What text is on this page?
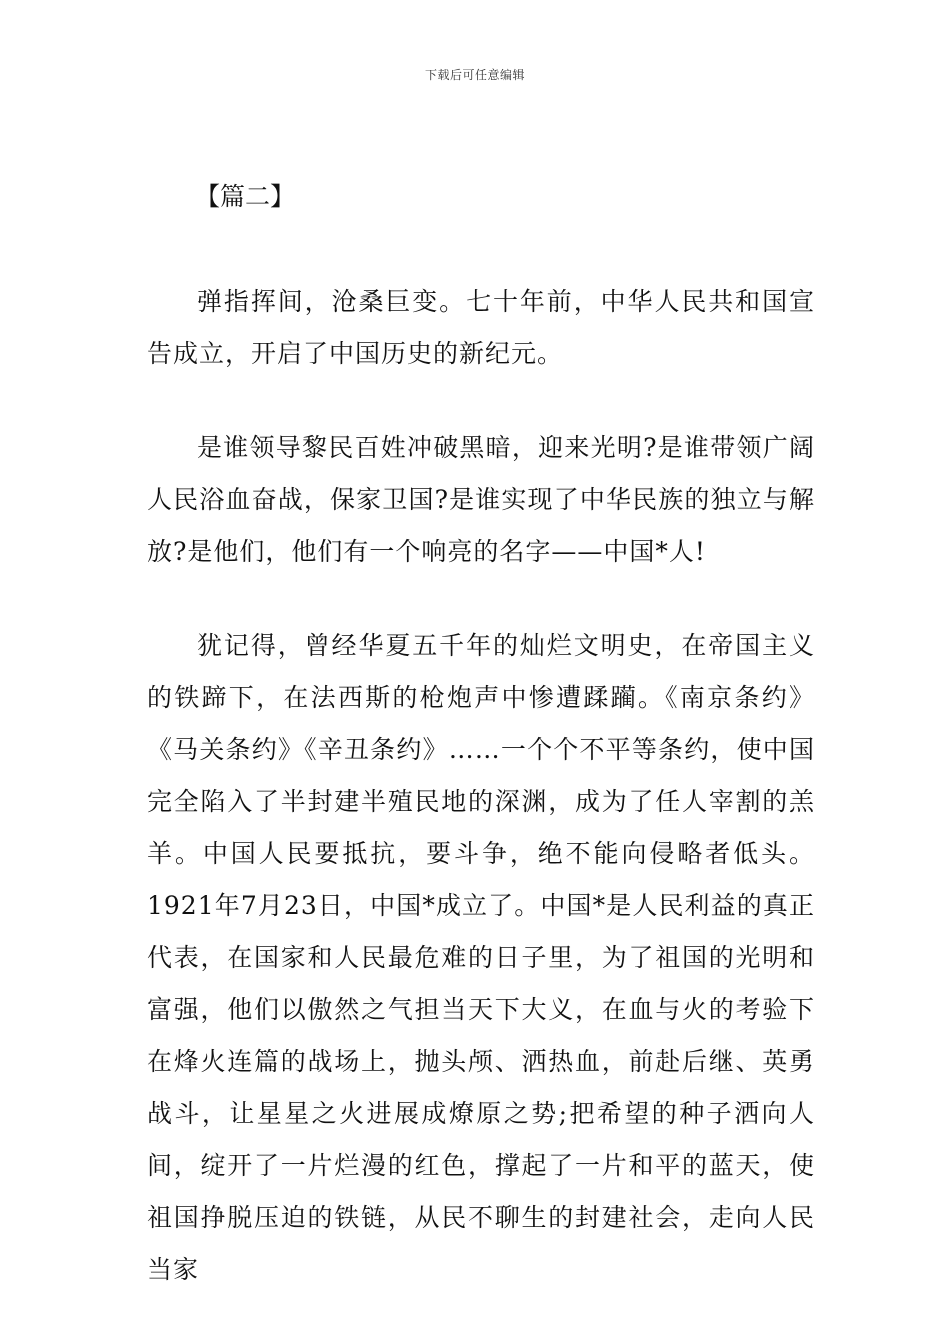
下载后可任意编辑
【篇二】

弹指挥间，沧桑巨变。七十年前，中华人民共和国宣告成立，开启了中国历史的新纪元。

是谁领导黎民百姓冲破黑暗，迎来光明?是谁带领广阔人民浴血奋战，保家卫国?是谁实现了中华民族的独立与解放?是他们，他们有一个响亮的名字——中国*人!

犹记得，曾经华夏五千年的灿烂文明史，在帝国主义的铁蹄下，在法西斯的枪炮声中惨遭蹂躏。《南京条约》《马关条约》《辛丑条约》……一个个不平等条约，使中国完全陷入了半封建半殖民地的深渊，成为了任人宰割的羔羊。中国人民要抵抗，要斗争，绝不能向侵略者低头。1921年7月23日，中国*成立了。中国*是人民利益的真正代表，在国家和人民最危难的日子里，为了祖国的光明和富强，他们以傲然之气担当天下大义，在血与火的考验下在烽火连篇的战场上，抛头颅、洒热血，前赴后继、英勇战斗，让星星之火进展成燎原之势;把希望的种子洒向人间，绽开了一片烂漫的红色，撑起了一片和平的蓝天，使祖国挣脱压迫的铁链，从民不聊生的封建社会，走向人民当家
